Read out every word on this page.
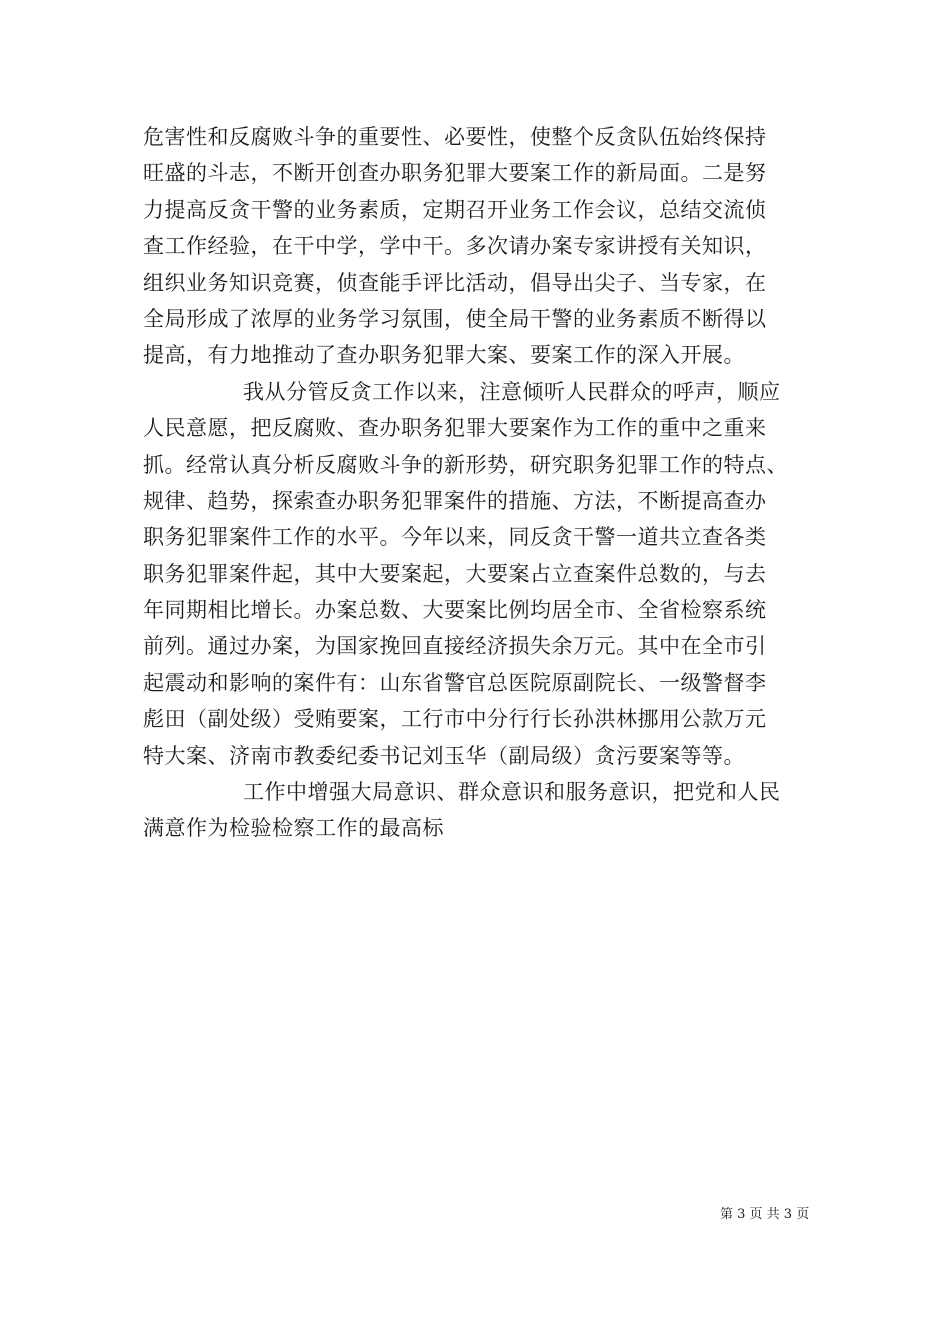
危害性和反腐败斗争的重要性、必要性，使整个反贪队伍始终保持
旺盛的斗志，不断开创查办职务犯罪大要案工作的新局面。二是努
力提高反贪干警的业务素质，定期召开业务工作会议，总结交流侦
查工作经验，在干中学，学中干。多次请办案专家讲授有关知识，
组织业务知识竞赛，侦查能手评比活动，倡导出尖子、当专家，在
全局形成了浓厚的业务学习氛围，使全局干警的业务素质不断得以
提高，有力地推动了查办职务犯罪大案、要案工作的深入开展。
我从分管反贪工作以来，注意倾听人民群众的呼声，顺应
人民意愿，把反腐败、查办职务犯罪大要案作为工作的重中之重来
抓。经常认真分析反腐败斗争的新形势，研究职务犯罪工作的特点、
规律、趋势，探索查办职务犯罪案件的措施、方法，不断提高查办
职务犯罪案件工作的水平。今年以来，同反贪干警一道共立查各类
职务犯罪案件起，其中大要案起，大要案占立查案件总数的，与去
年同期相比增长。办案总数、大要案比例均居全市、全省检察系统
前列。通过办案，为国家挽回直接经济损失余万元。其中在全市引
起震动和影响的案件有：山东省警官总医院原副院长、一级警督李
彪田（副处级）受贿要案，工行市中分行行长孙洪林挪用公款万元
特大案、济南市教委纪委书记刘玉华（副局级）贪污要案等等。
工作中增强大局意识、群众意识和服务意识，把党和人民
满意作为检验检察工作的最高标
第 3 页 共 3 页
